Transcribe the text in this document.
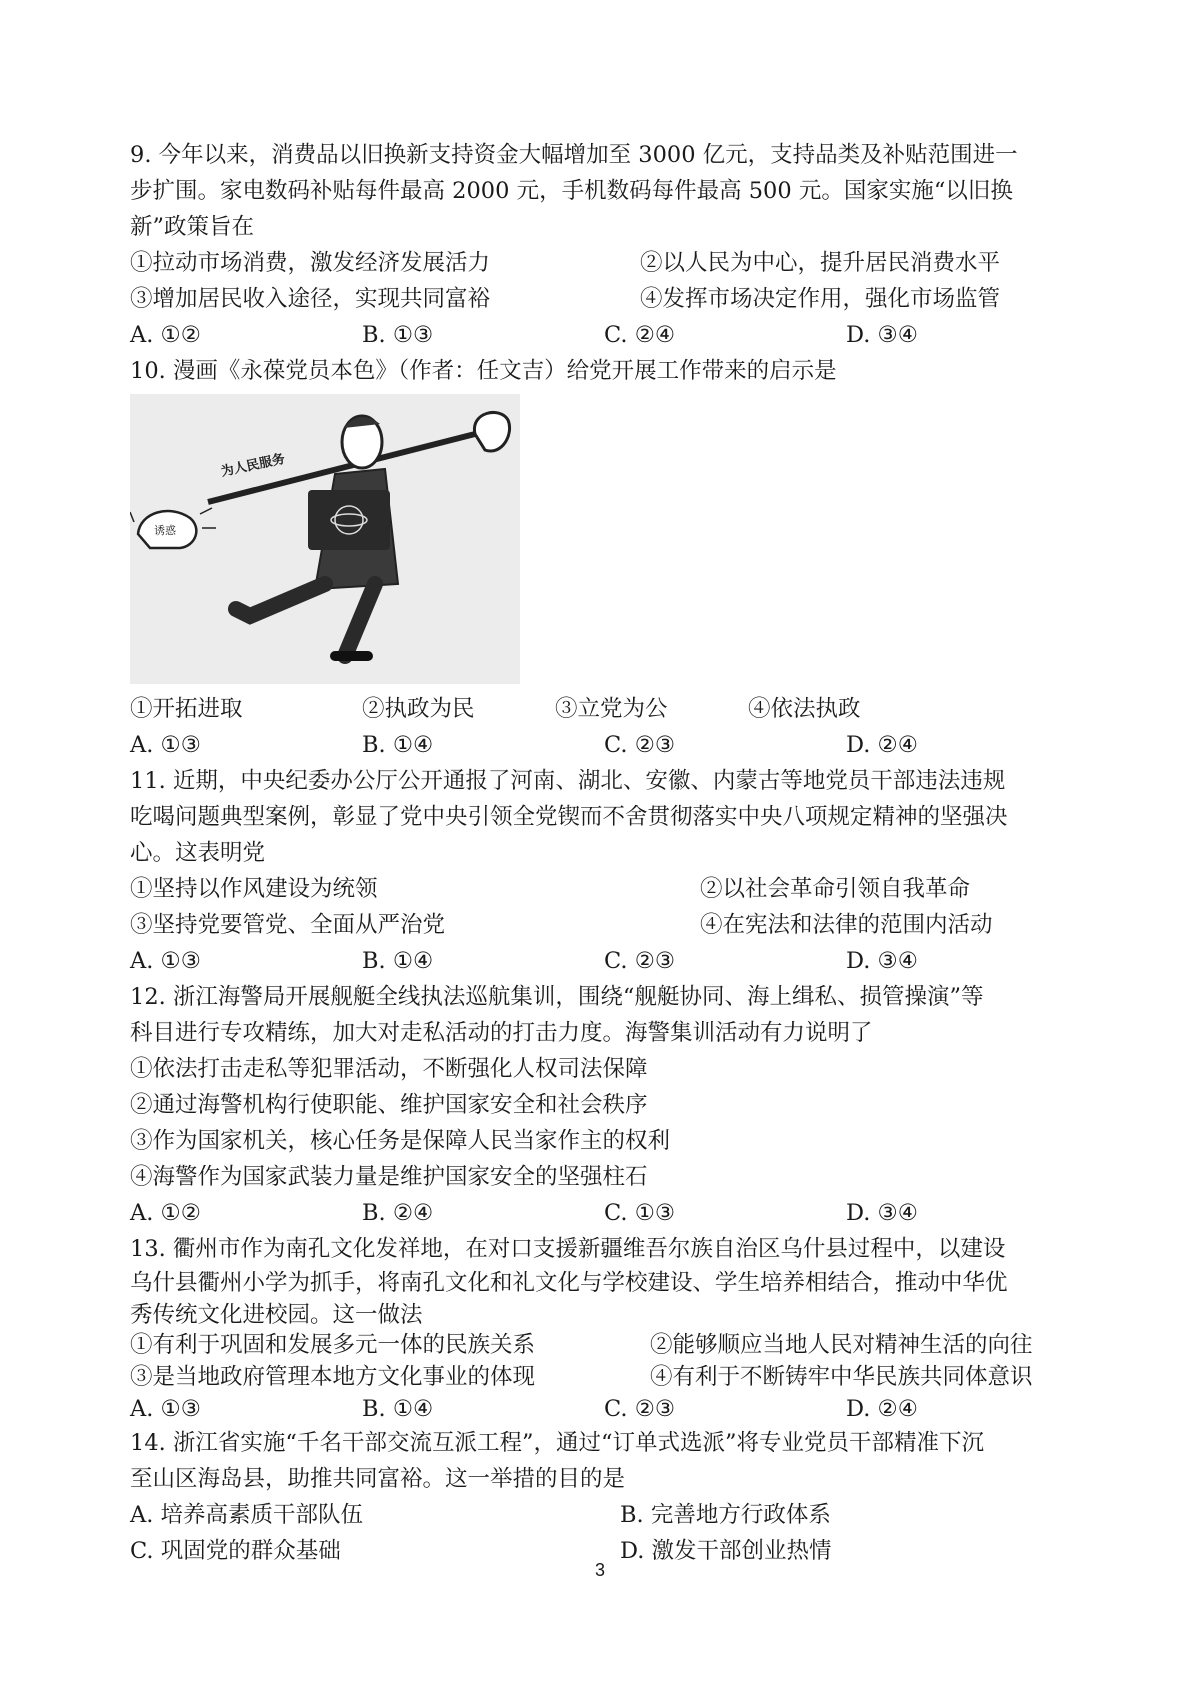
9. 今年以来，消费品以旧换新支持资金大幅增加至 3000 亿元，支持品类及补贴范围进一
步扩围。家电数码补贴每件最高 2000 元，手机数码每件最高 500 元。国家实施“以旧换
新”政策旨在
①拉动市场消费，激发经济发展活力	②以人民为中心，提升居民消费水平
③增加居民收入途径，实现共同富裕	④发挥市场决定作用，强化市场监管
A. ①②	B. ①③	C. ②④	D. ③④
10. 漫画《永葆党员本色》（作者：任文吉）给党开展工作带来的启示是
为人民服务
诱惑
①开拓进取	②执政为民	③立党为公	④依法执政
A. ①③	B. ①④	C. ②③	D. ②④
11. 近期，中央纪委办公厅公开通报了河南、湖北、安徽、内蒙古等地党员干部违法违规
吃喝问题典型案例，彰显了党中央引领全党锲而不舍贯彻落实中央八项规定精神的坚强决
心。这表明党
①坚持以作风建设为统领	②以社会革命引领自我革命
③坚持党要管党、全面从严治党	④在宪法和法律的范围内活动
A. ①③	B. ①④	C. ②③	D. ③④
12. 浙江海警局开展舰艇全线执法巡航集训，围绕“舰艇协同、海上缉私、损管操演”等
科目进行专攻精练，加大对走私活动的打击力度。海警集训活动有力说明了
①依法打击走私等犯罪活动，不断强化人权司法保障
②通过海警机构行使职能、维护国家安全和社会秩序
③作为国家机关，核心任务是保障人民当家作主的权利
④海警作为国家武装力量是维护国家安全的坚强柱石
A. ①②	B. ②④	C. ①③	D. ③④
13. 衢州市作为南孔文化发祥地，在对口支援新疆维吾尔族自治区乌什县过程中，以建设
乌什县衢州小学为抓手，将南孔文化和礼文化与学校建设、学生培养相结合，推动中华优
秀传统文化进校园。这一做法
①有利于巩固和发展多元一体的民族关系	②能够顺应当地人民对精神生活的向往
③是当地政府管理本地方文化事业的体现	④有利于不断铸牢中华民族共同体意识
A. ①③	B. ①④	C. ②③	D. ②④
14. 浙江省实施“千名干部交流互派工程”，通过“订单式选派”将专业党员干部精准下沉
至山区海岛县，助推共同富裕。这一举措的目的是
A. 培养高素质干部队伍	B. 完善地方行政体系
C. 巩固党的群众基础	D. 激发干部创业热情
3
